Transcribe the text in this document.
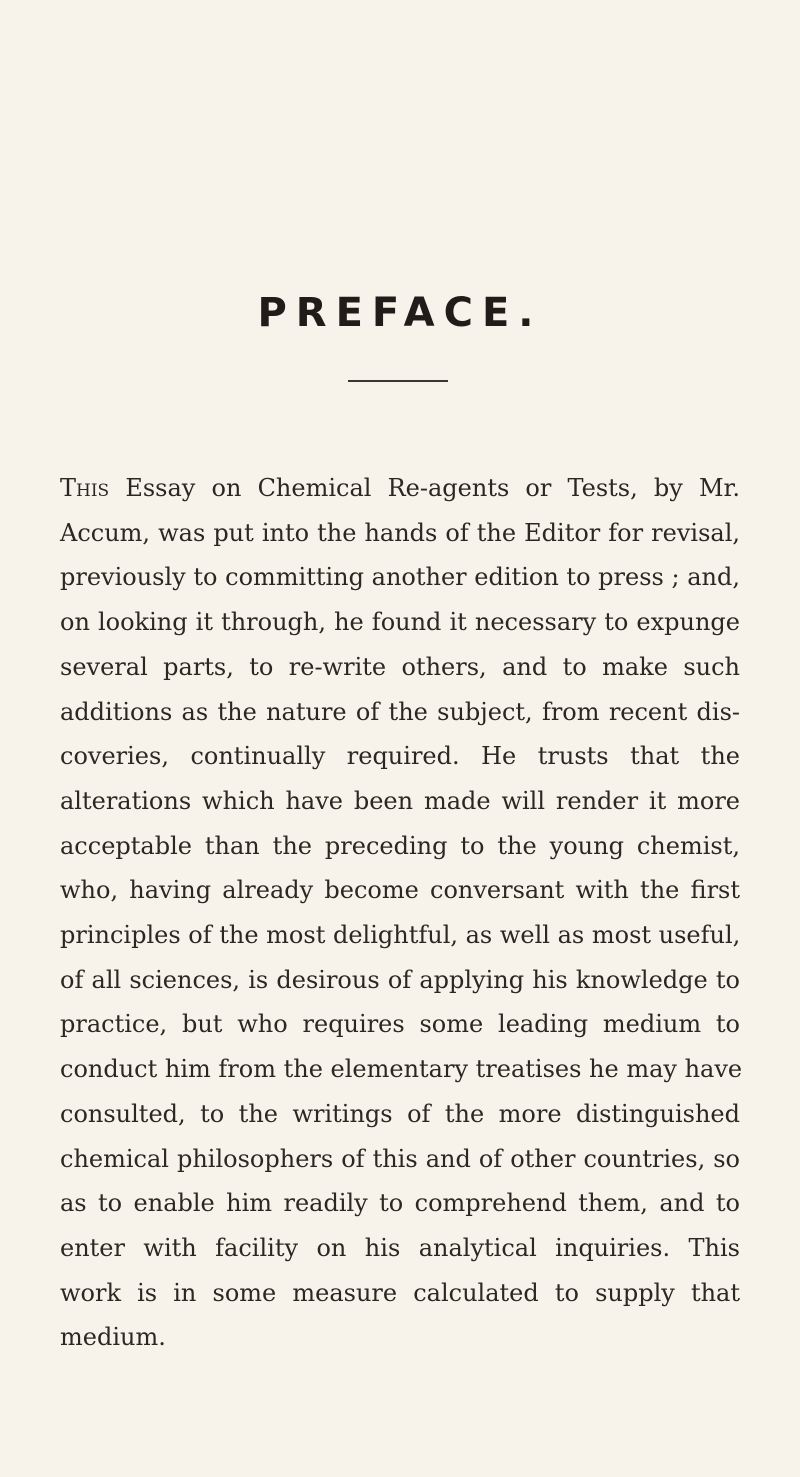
PREFACE.
This Essay on Chemical Re-agents or Tests, by Mr.
Accum, was put into the hands of the Editor for revisal,
previously to committing another edition to press ; and,
on looking it through, he found it necessary to expunge
several parts, to re-write others, and to make such
additions as the nature of the subject, from recent dis-
coveries, continually required. He trusts that the
alterations which have been made will render it more
acceptable than the preceding to the young chemist,
who, having already become conversant with the first
principles of the most delightful, as well as most useful,
of all sciences, is desirous of applying his knowledge to
practice, but who requires some leading medium to
conduct him from the elementary treatises he may have
consulted, to the writings of the more distinguished
chemical philosophers of this and of other countries, so
as to enable him readily to comprehend them, and to
enter with facility on his analytical inquiries. This
work is in some measure calculated to supply that
medium.
